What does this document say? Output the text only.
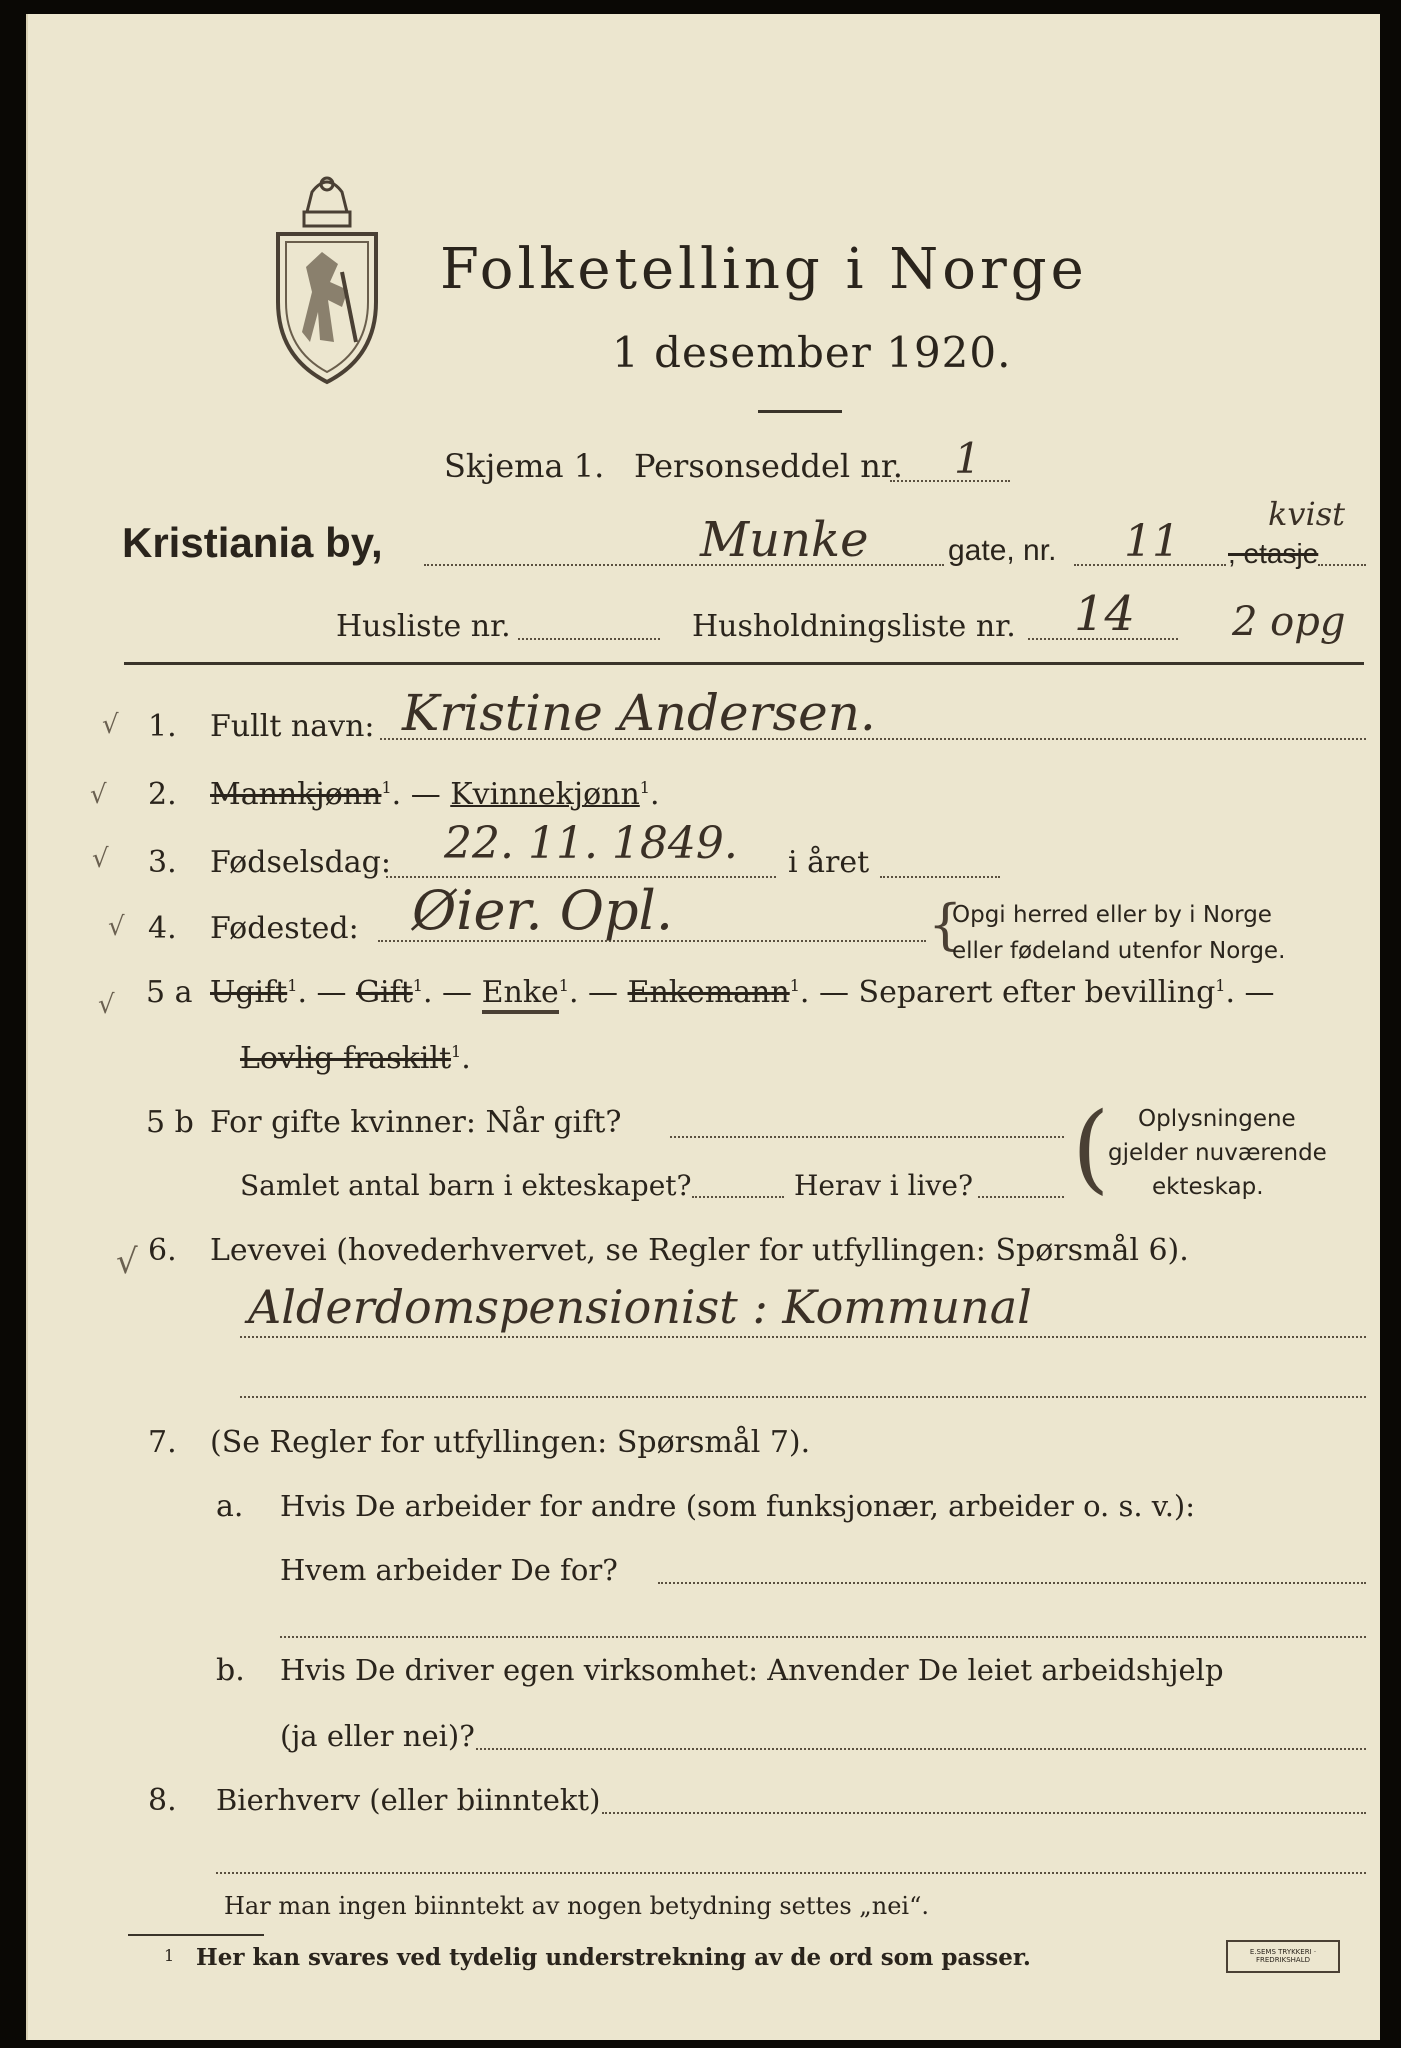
Folketelling i Norge
1 desember 1920.
Skjema 1. Personseddel nr. 1
Kristiania by,	Munke	gate, nr. 11 , etasje
kvist
Husliste nr.	Husholdningsliste nr. 14 2 opg
√
√
√
√
√
√
1. Fullt navn: Kristine Andersen.
2. Mannkjønn$^1$. — Kvinnekjønn$^1$.
3. Fødselsdag: 22. 11. 1849. i året
4. Fødested: Øier. Opl.	{
Opgi herred eller by i Norge
eller fødeland utenfor Norge.
5 a Ugift$^1$. — Gift$^1$. — Enke$^1$. — Enkemann$^1$. — Separert efter bevilling$^1$. —
Lovlig fraskilt$^1$.
5 b For gifte kvinner: Når gift?
Samlet antal barn i ekteskapet?	Herav i live? ( Oplysningene
gjelder nuværende
ekteskap.
6. Levevei (hovederhvervet, se Regler for utfyllingen: Spørsmål 6).
Alderdomspensionist : Kommunal
7. (Se Regler for utfyllingen: Spørsmål 7).
a. Hvis De arbeider for andre (som funksjonær, arbeider o. s. v.):
Hvem arbeider De for?
b. Hvis De driver egen virksomhet: Anvender De leiet arbeidshjelp
(ja eller nei)?
8. Bierhverv (eller biinntekt)
Har man ingen biinntekt av nogen betydning settes „nei“.
1 Her kan svares ved tydelig understrekning av de ord som passer.	E.SEMS TRYKKERI · FREDRIKSHALD
